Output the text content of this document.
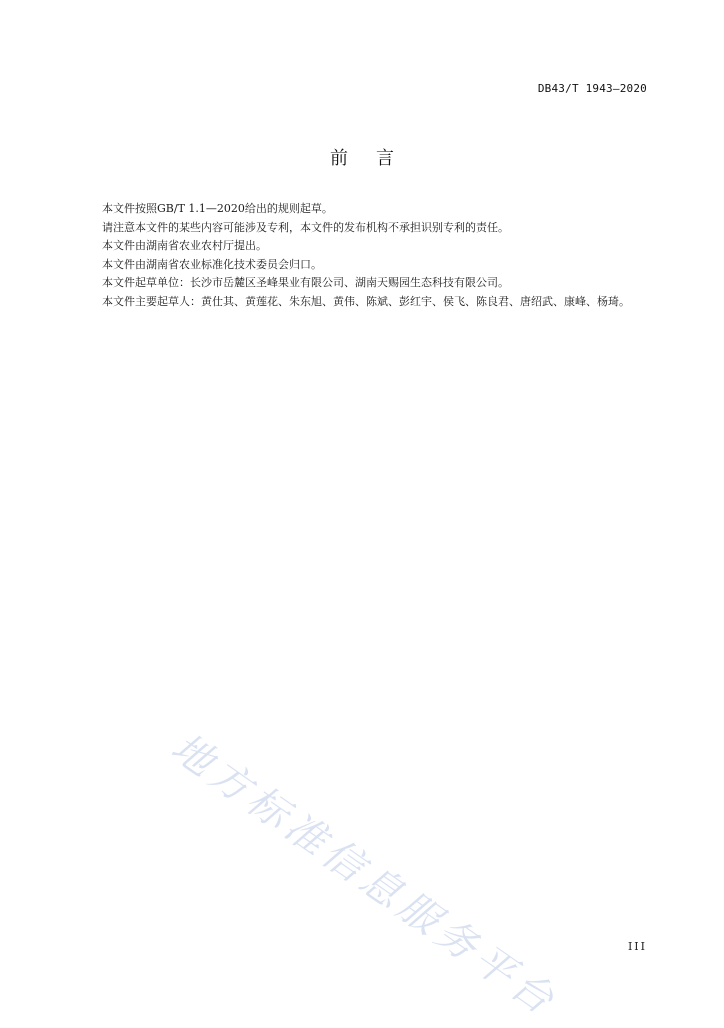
DB43/T 1943—2020
前言

本文件按照GB/T 1.1—2020给出的规则起草。

请注意本文件的某些内容可能涉及专利，本文件的发布机构不承担识别专利的责任。

本文件由湖南省农业农村厅提出。

本文件由湖南省农业标准化技术委员会归口。

本文件起草单位：长沙市岳麓区圣峰果业有限公司、湖南天赐园生态科技有限公司。

本文件主要起草人：黄仕其、黄莲花、朱东旭、黄伟、陈斌、彭红宇、侯飞、陈良君、唐绍武、康峰、杨琦。

地方标准信息服务平台	III
